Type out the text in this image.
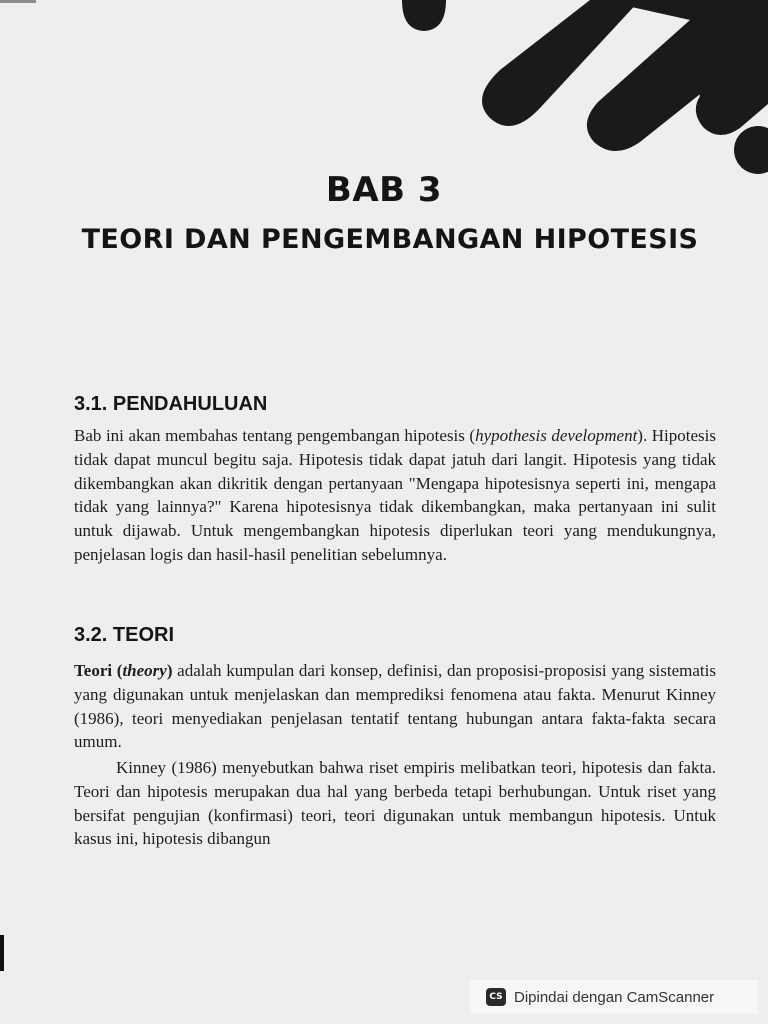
BAB 3
TEORI DAN PENGEMBANGAN HIPOTESIS
3.1. PENDAHULUAN

Bab ini akan membahas tentang pengembangan hipotesis (hypothesis development). Hipotesis tidak dapat muncul begitu saja. Hipotesis tidak dapat jatuh dari langit. Hipotesis yang tidak dikembangkan akan dikritik dengan pertanyaan "Mengapa hipotesisnya seperti ini, mengapa tidak yang lainnya?" Karena hipotesisnya tidak dikembangkan, maka pertanyaan ini sulit untuk dijawab. Untuk mengembangkan hipotesis diperlukan teori yang mendukungnya, penjelasan logis dan hasil-hasil penelitian sebelumnya.

3.2. TEORI

Teori (theory) adalah kumpulan dari konsep, definisi, dan proposisi-proposisi yang sistematis yang digunakan untuk menjelaskan dan memprediksi fenomena atau fakta. Menurut Kinney (1986), teori menyediakan penjelasan tentatif tentang hubungan antara fakta-fakta secara umum.

Kinney (1986) menyebutkan bahwa riset empiris melibatkan teori, hipotesis dan fakta. Teori dan hipotesis merupakan dua hal yang berbeda tetapi berhubungan. Untuk riset yang bersifat pengujian (konfirmasi) teori, teori digunakan untuk membangun hipotesis. Untuk kasus ini, hipotesis dibangun

CS Dipindai dengan CamScanner
